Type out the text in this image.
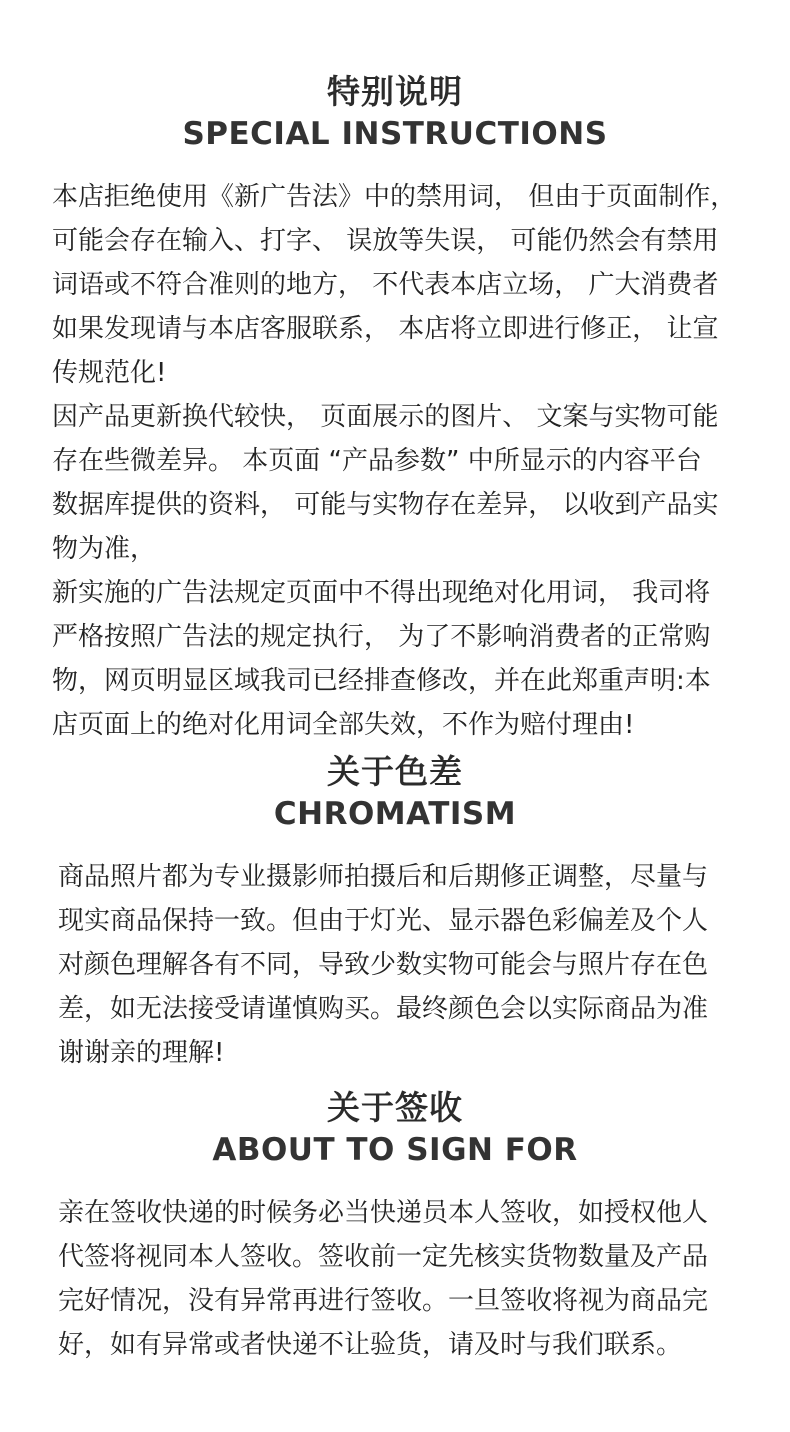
特别说明
SPECIAL INSTRUCTIONS
本店拒绝使用《新广告法》中的禁用词， 但由于页面制作，
可能会存在输入、打字、 误放等失误， 可能仍然会有禁用
词语或不符合准则的地方， 不代表本店立场， 广大消费者
如果发现请与本店客服联系， 本店将立即进行修正， 让宣
传规范化!
因产品更新换代较快， 页面展示的图片、 文案与实物可能
存在些微差异。 本页面 “产品参数” 中所显示的内容平台
数据库提供的资料， 可能与实物存在差异， 以收到产品实
物为准，
新实施的广告法规定页面中不得出现绝对化用词， 我司将
严格按照广告法的规定执行， 为了不影响消费者的正常购
物，网页明显区域我司已经排查修改，并在此郑重声明:本
店页面上的绝对化用词全部失效，不作为赔付理由!
关于色差
CHROMATISM
商品照片都为专业摄影师拍摄后和后期修正调整，尽量与
现实商品保持一致。但由于灯光、显示器色彩偏差及个人
对颜色理解各有不同，导致少数实物可能会与照片存在色
差，如无法接受请谨慎购买。最终颜色会以实际商品为准
谢谢亲的理解!
关于签收
ABOUT TO SIGN FOR
亲在签收快递的时候务必当快递员本人签收，如授权他人
代签将视同本人签收。签收前一定先核实货物数量及产品
完好情况，没有异常再进行签收。一旦签收将视为商品完
好，如有异常或者快递不让验货，请及时与我们联系。
